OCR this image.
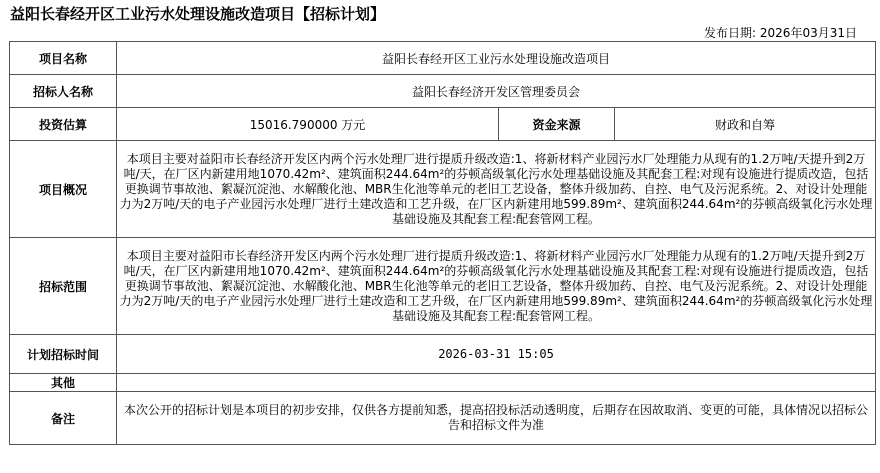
益阳长春经开区工业污水处理设施改造项目【招标计划】
发布日期: 2026年03月31日
项目名称	益阳长春经开区工业污水处理设施改造项目		
招标人名称	益阳长春经济开发区管理委员会		
投资估算	15016.790000 万元	资金来源	财政和自筹
项目概况	本项目主要对益阳市长春经济开发区内两个污水处理厂进行提质升级改造:1、将新材料产业园污水厂处理能力从现有的1.2万吨/天提升到2万吨/天，在厂区内新建用地1070.42m²、建筑面积244.64m²的芬顿高级氧化污水处理基础设施及其配套工程:对现有设施进行提质改造，包括更换调节事故池、絮凝沉淀池、水解酸化池、MBR生化池等单元的老旧工艺设备，整体升级加药、自控、电气及污泥系统。2、对设计处理能力为2万吨/天的电子产业园污水处理厂进行土建改造和工艺升级，在厂区内新建用地599.89m²、建筑面积244.64m²的芬顿高级氧化污水处理基础设施及其配套工程:配套管网工程。		
招标范围	本项目主要对益阳市长春经济开发区内两个污水处理厂进行提质升级改造:1、将新材料产业园污水厂处理能力从现有的1.2万吨/天提升到2万吨/天，在厂区内新建用地1070.42m²、建筑面积244.64m²的芬顿高级氧化污水处理基础设施及其配套工程:对现有设施进行提质改造，包括更换调节事故池、絮凝沉淀池、水解酸化池、MBR生化池等单元的老旧工艺设备，整体升级加药、自控、电气及污泥系统。2、对设计处理能力为2万吨/天的电子产业园污水处理厂进行土建改造和工艺升级，在厂区内新建用地599.89m²、建筑面积244.64m²的芬顿高级氧化污水处理基础设施及其配套工程:配套管网工程。		
计划招标时间	2026-03-31 15:05		
其他			
备注	本次公开的招标计划是本项目的初步安排，仅供各方提前知悉，提高招投标活动透明度，后期存在因故取消、变更的可能，具体情况以招标公告和招标文件为准		
